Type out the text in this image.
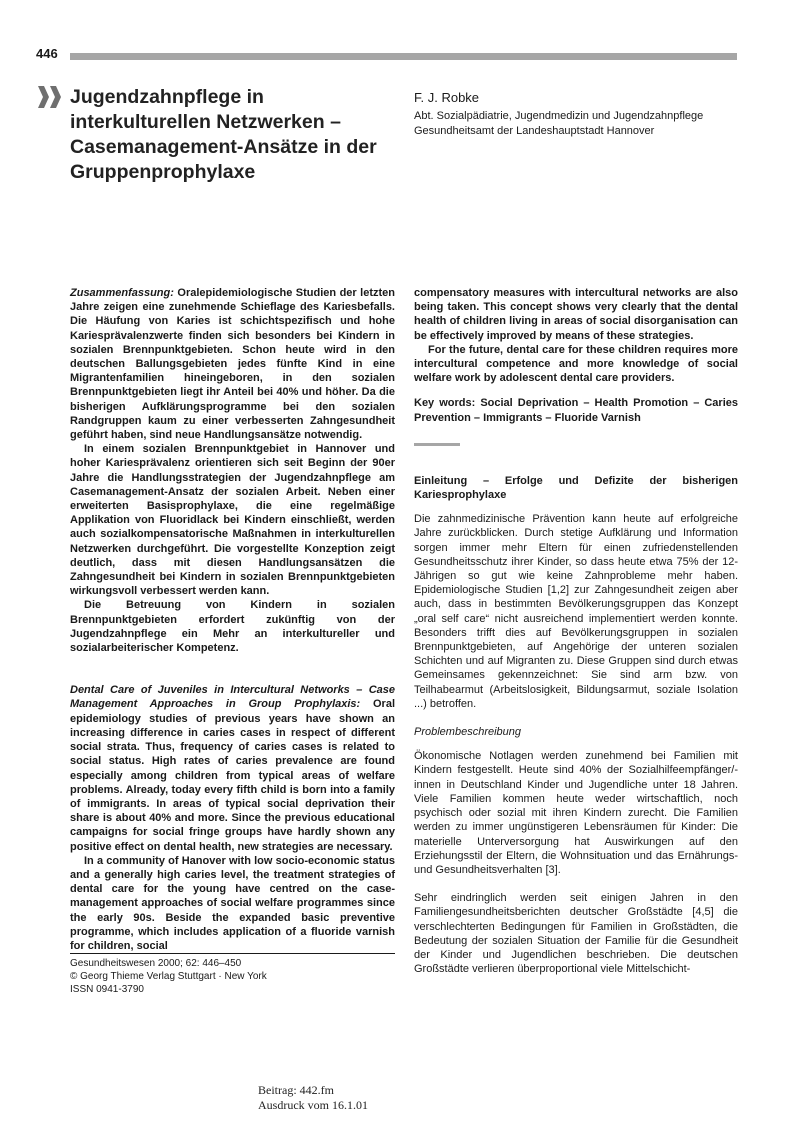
446
Jugendzahnpflege in
interkulturellen Netzwerken –
Casemanagement-Ansätze in der
Gruppenprophylaxe
F. J. Robke
Abt. Sozialpädiatrie, Jugendmedizin und Jugendzahnpflege
Gesundheitsamt der Landeshauptstadt Hannover

Zusammenfassung: Oralepidemiologische Studien der letzten Jahre zeigen eine zunehmende Schieflage des Kariesbefalls. Die Häufung von Karies ist schichtspezifisch und hohe Kariesprävalenzwerte finden sich besonders bei Kindern in sozialen Brennpunktgebieten. Schon heute wird in den deutschen Ballungsgebieten jedes fünfte Kind in eine Migrantenfamilien hineingeboren, in den sozialen Brennpunktgebieten liegt ihr Anteil bei 40% und höher. Da die bisherigen Aufklärungsprogramme bei den sozialen Randgruppen kaum zu einer verbesserten Zahngesundheit geführt haben, sind neue Handlungsansätze notwendig.

In einem sozialen Brennpunktgebiet in Hannover und hoher Kariesprävalenz orientieren sich seit Beginn der 90er Jahre die Handlungsstrategien der Jugendzahnpflege am Casemanagement-Ansatz der sozialen Arbeit. Neben einer erweiterten Basisprophylaxe, die eine regelmäßige Applikation von Fluoridlack bei Kindern einschließt, werden auch sozialkompensatorische Maßnahmen in interkulturellen Netzwerken durchgeführt. Die vorgestellte Konzeption zeigt deutlich, dass mit diesen Handlungsansätzen die Zahngesundheit bei Kindern in sozialen Brennpunktgebieten wirkungsvoll verbessert werden kann.

Die Betreuung von Kindern in sozialen Brennpunktgebieten erfordert zukünftig von der Jugendzahnpflege ein Mehr an interkultureller und sozialarbeiterischer Kompetenz.

Dental Care of Juveniles in Intercultural Networks – Case Management Approaches in Group Prophylaxis: Oral epidemiology studies of previous years have shown an increasing difference in caries cases in respect of different social strata. Thus, frequency of caries cases is related to social status. High rates of caries prevalence are found especially among children from typical areas of welfare problems. Already, today every fifth child is born into a family of immigrants. In areas of typical social deprivation their share is about 40% and more. Since the previous educational campaigns for social fringe groups have hardly shown any positive effect on dental health, new strategies are necessary.

In a community of Hanover with low socio-economic status and a generally high caries level, the treatment strategies of dental care for the young have centred on the case-management approaches of social welfare programmes since the early 90s. Beside the expanded basic preventive programme, which includes application of a fluoride varnish for children, social

compensatory measures with intercultural networks are also being taken. This concept shows very clearly that the dental health of children living in areas of social disorganisation can be effectively improved by means of these strategies.

For the future, dental care for these children requires more intercultural competence and more knowledge of social welfare work by adolescent dental care providers.

Key words: Social Deprivation – Health Promotion – Caries Prevention – Immigrants – Fluoride Varnish

Einleitung – Erfolge und Defizite der bisherigen Kariesprophylaxe

Die zahnmedizinische Prävention kann heute auf erfolgreiche Jahre zurückblicken. Durch stetige Aufklärung und Information sorgen immer mehr Eltern für einen zufriedenstellenden Gesundheitsschutz ihrer Kinder, so dass heute etwa 75% der 12-Jährigen so gut wie keine Zahnprobleme mehr haben. Epidemiologische Studien [1,2] zur Zahngesundheit zeigen aber auch, dass in bestimmten Bevölkerungsgruppen das Konzept „oral self care“ nicht ausreichend implementiert werden konnte. Besonders trifft dies auf Bevölkerungsgruppen in sozialen Brennpunktgebieten, auf Angehörige der unteren sozialen Schichten und auf Migranten zu. Diese Gruppen sind durch etwas Gemeinsames gekennzeichnet: Sie sind arm bzw. von Teilhabearmut (Arbeitslosigkeit, Bildungsarmut, soziale Isolation ...) betroffen.

Problembeschreibung

Ökonomische Notlagen werden zunehmend bei Familien mit Kindern festgestellt. Heute sind 40% der Sozialhilfeempfänger/-innen in Deutschland Kinder und Jugendliche unter 18 Jahren. Viele Familien kommen heute weder wirtschaftlich, noch psychisch oder sozial mit ihren Kindern zurecht. Die Familien werden zu immer ungünstigeren Lebensräumen für Kinder: Die materielle Unterversorgung hat Auswirkungen auf den Erziehungsstil der Eltern, die Wohnsituation und das Ernährungs- und Gesundheitsverhalten [3].

Sehr eindringlich werden seit einigen Jahren in den Familiengesundheitsberichten deutscher Großstädte [4,5] die verschlechterten Bedingungen für Familien in Großstädten, die Bedeutung der sozialen Situation der Familie für die Gesundheit der Kinder und Jugendlichen beschrieben. Die deutschen Großstädte verlieren überproportional viele Mittelschicht-

Gesundheitswesen 2000; 62: 446–450
© Georg Thieme Verlag Stuttgart · New York
ISSN 0941-3790
Beitrag: 442.fm
Ausdruck vom 16.1.01
